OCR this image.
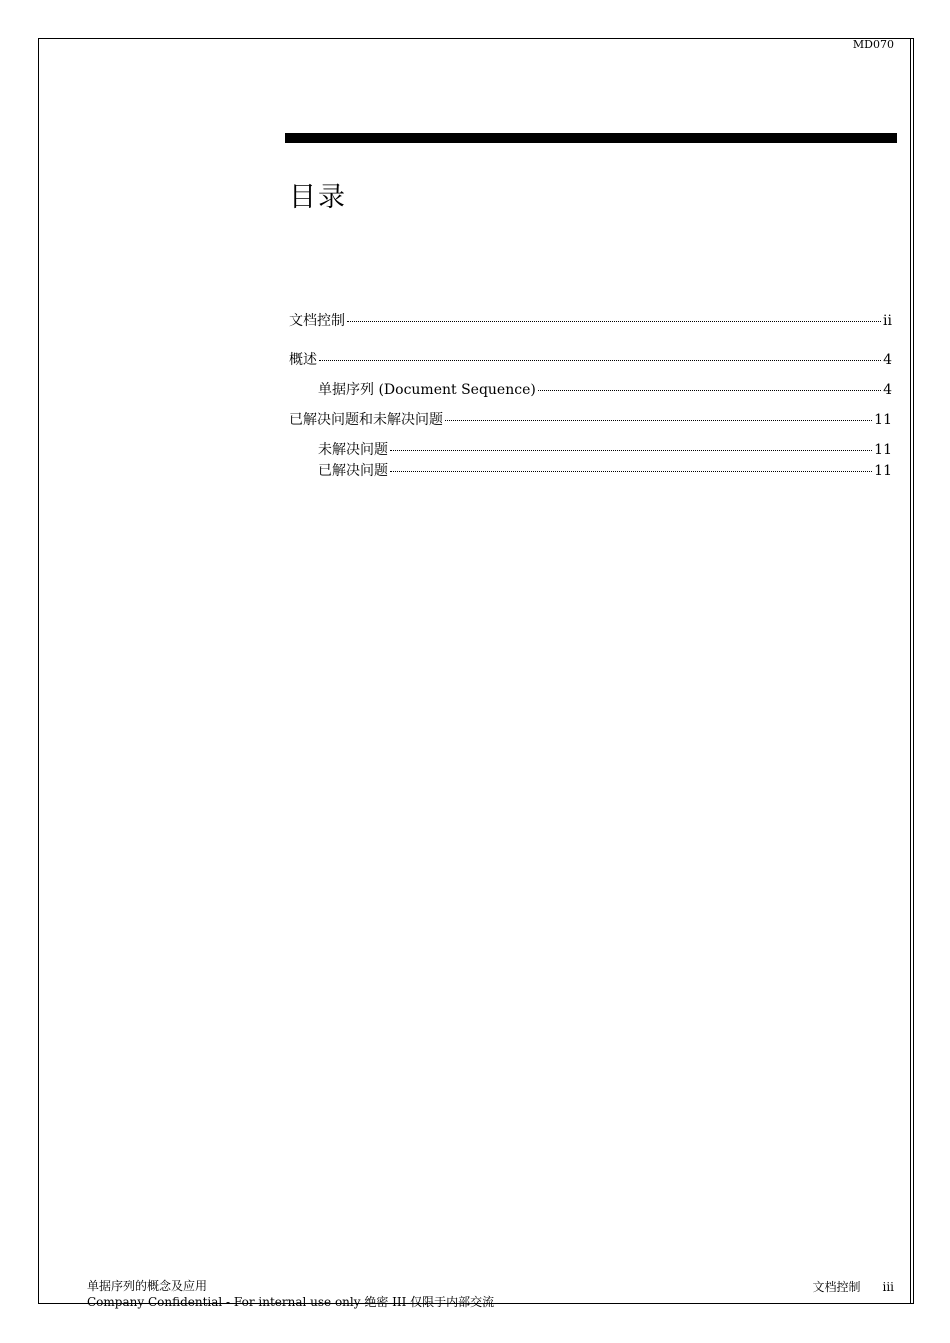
MD070
目录
文档控制	ii
概述	4
单据序列 (Document Sequence)	4
已解决问题和未解决问题	11
未解决问题	11
已解决问题	11
单据序列的概念及应用
Company Confidential - For internal use only 绝密 III 仅限于内部交流
文档控制 iii
